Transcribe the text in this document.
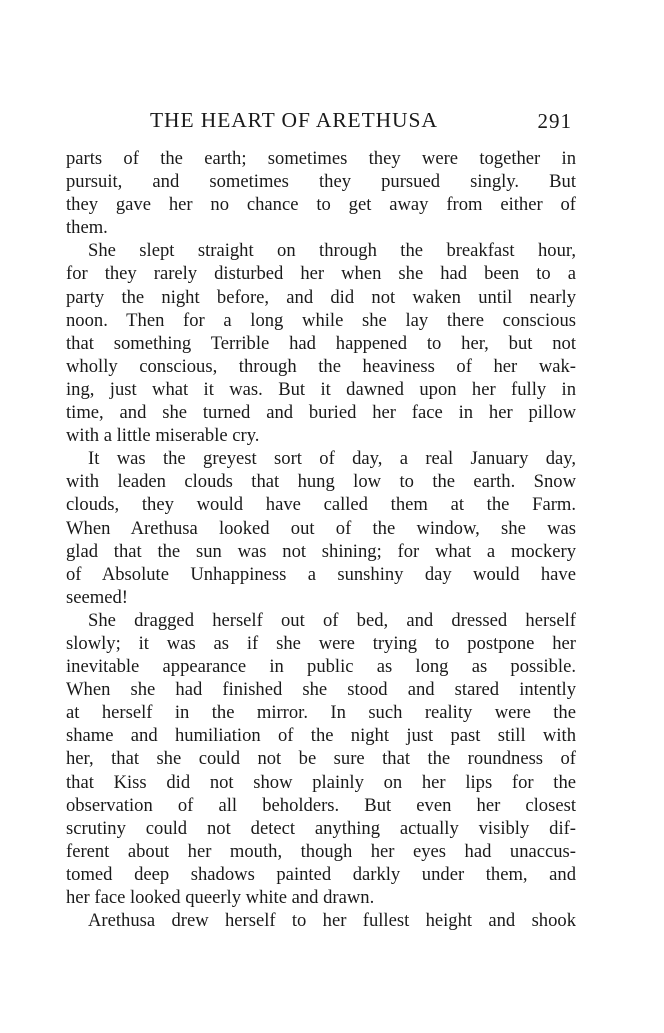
THE HEART OF ARETHUSA	291
parts of the earth; sometimes they were together in
pursuit, and sometimes they pursued singly. But
they gave her no chance to get away from either of
them.
She slept straight on through the breakfast hour,
for they rarely disturbed her when she had been to a
party the night before, and did not waken until nearly
noon. Then for a long while she lay there conscious
that something Terrible had happened to her, but not
wholly conscious, through the heaviness of her wak-
ing, just what it was. But it dawned upon her fully in
time, and she turned and buried her face in her pillow
with a little miserable cry.
It was the greyest sort of day, a real January day,
with leaden clouds that hung low to the earth. Snow
clouds, they would have called them at the Farm.
When Arethusa looked out of the window, she was
glad that the sun was not shining; for what a mockery
of Absolute Unhappiness a sunshiny day would have
seemed!
She dragged herself out of bed, and dressed herself
slowly; it was as if she were trying to postpone her
inevitable appearance in public as long as possible.
When she had finished she stood and stared intently
at herself in the mirror. In such reality were the
shame and humiliation of the night just past still with
her, that she could not be sure that the roundness of
that Kiss did not show plainly on her lips for the
observation of all beholders. But even her closest
scrutiny could not detect anything actually visibly dif-
ferent about her mouth, though her eyes had unaccus-
tomed deep shadows painted darkly under them, and
her face looked queerly white and drawn.
Arethusa drew herself to her fullest height and shook
